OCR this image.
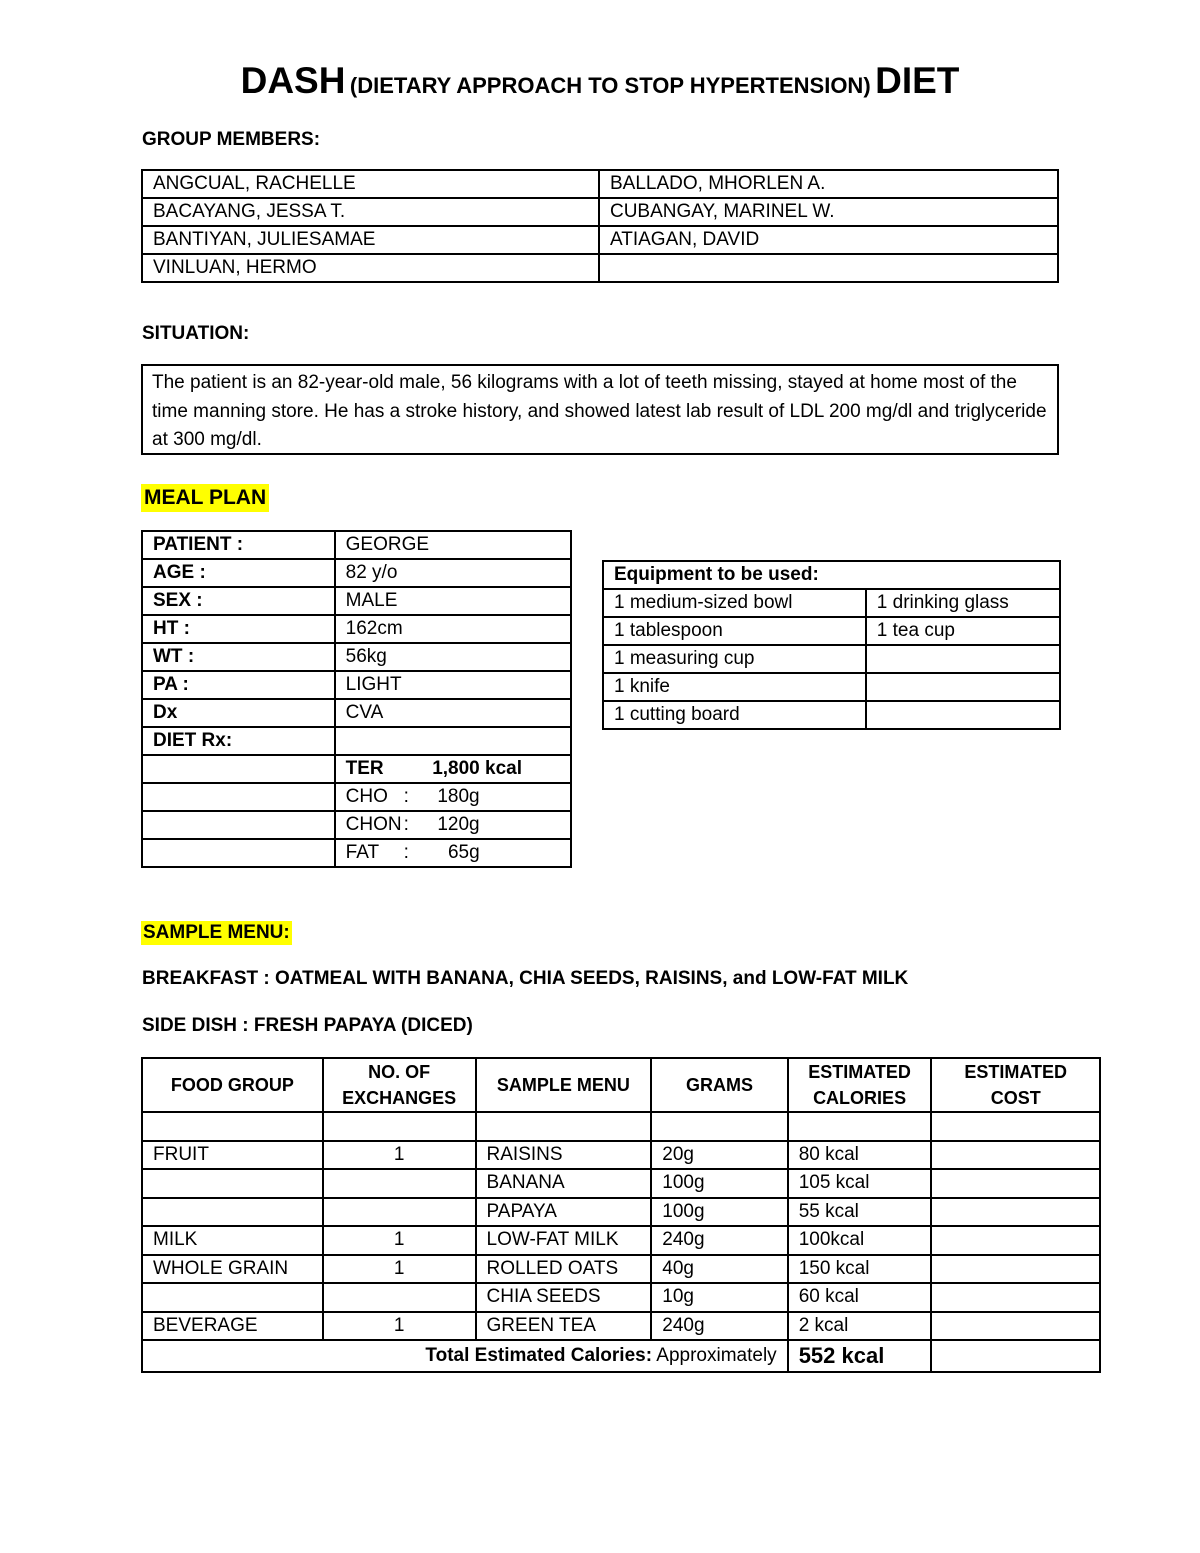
DASH (DIETARY APPROACH TO STOP HYPERTENSION) DIET
GROUP MEMBERS:
ANGCUAL, RACHELLE	BALLADO, MHORLEN A.
BACAYANG, JESSA T.	CUBANGAY, MARINEL W.
BANTIYAN, JULIESAMAE	ATIAGAN, DAVID
VINLUAN, HERMO	
SITUATION:
The patient is an 82-year-old male, 56 kilograms with a lot of teeth missing, stayed at home most of the time manning store. He has a stroke history, and showed latest lab result of LDL 200 mg/dl and triglyceride at 300 mg/dl.
MEAL PLAN
PATIENT :	GEORGE
AGE :	82 y/o
SEX :	MALE
HT :	162cm
WT :	56kg
PA :	LIGHT
Dx	CVA
DIET Rx:	
	TER 1,800 kcal
	CHO : 180g
	CHON : 120g
	FAT : 65g
Equipment to be used:	
1 medium-sized bowl	1 drinking glass
1 tablespoon	1 tea cup
1 measuring cup	
1 knife	
1 cutting board	
SAMPLE MENU:
BREAKFAST : OATMEAL WITH BANANA, CHIA SEEDS, RAISINS, and LOW-FAT MILK
SIDE DISH : FRESH PAPAYA (DICED)
FOOD GROUP	NO. OF EXCHANGES	SAMPLE MENU	GRAMS	ESTIMATED CALORIES	ESTIMATED COST

FRUIT	1	RAISINS	20g	80 kcal	
		BANANA	100g	105 kcal	
		PAPAYA	100g	55 kcal	
MILK	1	LOW-FAT MILK	240g	100kcal	
WHOLE GRAIN	1	ROLLED OATS	40g	150 kcal	
		CHIA SEEDS	10g	60 kcal	
BEVERAGE	1	GREEN TEA	240g	2 kcal	
Total Estimated Calories: Approximately				552 kcal	
